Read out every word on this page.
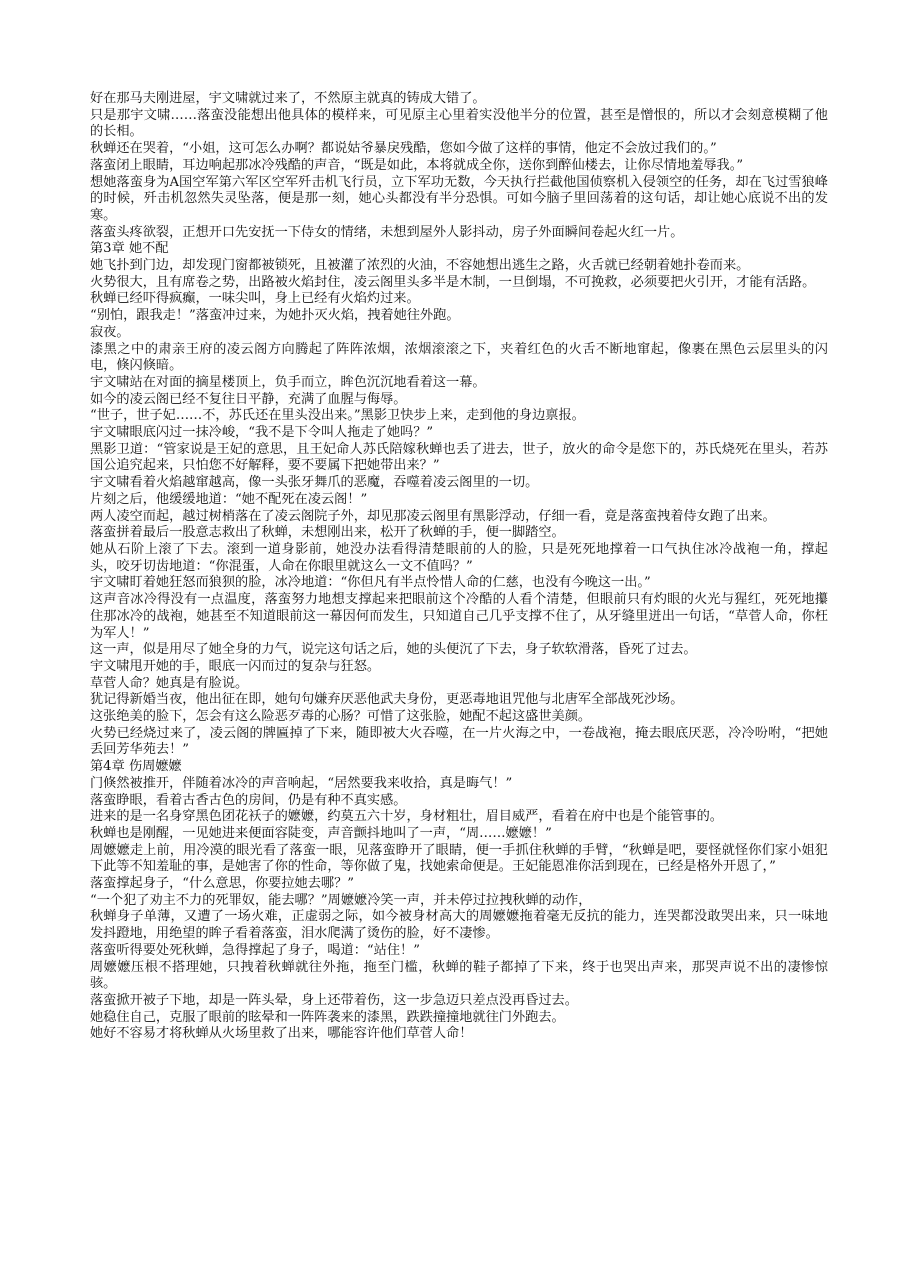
好在那马夫刚进屋，宇文啸就过来了，不然原主就真的铸成大错了。

只是那宇文啸……落蛮没能想出他具体的模样来，可见原主心里着实没他半分的位置，甚至是憎恨的，所以才会刻意模糊了他的长相。

秋蝉还在哭着，“小姐，这可怎么办啊？都说姑爷暴戾残酷，您如今做了这样的事情，他定不会放过我们的。”

落蛮闭上眼睛，耳边响起那冰冷残酷的声音，“既是如此，本将就成全你，送你到醉仙楼去，让你尽情地羞辱我。”

想她落蛮身为A国空军第六军区空军歼击机飞行员，立下军功无数，今天执行拦截他国侦察机入侵领空的任务，却在飞过雪狼峰的时候，歼击机忽然失灵坠落，便是那一刻，她心头都没有半分恐惧。可如今脑子里回荡着的这句话，却让她心底说不出的发寒。

落蛮头疼欲裂，正想开口先安抚一下侍女的情绪，未想到屋外人影抖动，房子外面瞬间卷起火红一片。

第3章 她不配

她飞扑到门边，却发现门窗都被锁死，且被灌了浓烈的火油，不容她想出逃生之路，火舌就已经朝着她扑卷而来。

火势很大，且有席卷之势，出路被火焰封住，凌云阁里头多半是木制，一旦倒塌，不可挽救，必须要把火引开，才能有活路。

秋蝉已经吓得疯癫，一味尖叫，身上已经有火焰灼过来。

“别怕，跟我走！”落蛮冲过来，为她扑灭火焰，拽着她往外跑。

寂夜。

漆黑之中的肃亲王府的凌云阁方向腾起了阵阵浓烟，浓烟滚滚之下，夹着红色的火舌不断地窜起，像裹在黑色云层里头的闪电，倏闪倏暗。

宇文啸站在对面的摘星楼顶上，负手而立，眸色沉沉地看着这一幕。

如今的凌云阁已经不复往日平静，充满了血腥与侮辱。

“世子，世子妃……不，苏氏还在里头没出来。”黑影卫快步上来，走到他的身边禀报。

宇文啸眼底闪过一抹冷峻，“我不是下令叫人拖走了她吗？”

黑影卫道：“管家说是王妃的意思，且王妃命人苏氏陪嫁秋蝉也丢了进去，世子，放火的命令是您下的，苏氏烧死在里头，若苏国公追究起来，只怕您不好解释，要不要属下把她带出来？”

宇文啸看着火焰越窜越高，像一头张牙舞爪的恶魔，吞噬着凌云阁里的一切。

片刻之后，他缓缓地道：“她不配死在凌云阁！”

两人凌空而起，越过树梢落在了凌云阁院子外，却见那凌云阁里有黑影浮动，仔细一看，竟是落蛮拽着侍女跑了出来。

落蛮拼着最后一股意志救出了秋蝉，未想刚出来，松开了秋蝉的手，便一脚踏空。

她从石阶上滚了下去。滚到一道身影前，她没办法看得清楚眼前的人的脸，只是死死地撑着一口气执住冰冷战袍一角，撑起头，咬牙切齿地道：“你混蛋，人命在你眼里就这么一文不值吗？”

宇文啸盯着她狂怒而狼狈的脸，冰冷地道：“你但凡有半点怜惜人命的仁慈，也没有今晚这一出。”

这声音冰冷得没有一点温度，落蛮努力地想支撑起来把眼前这个冷酷的人看个清楚，但眼前只有灼眼的火光与猩红，死死地攥住那冰冷的战袍，她甚至不知道眼前这一幕因何而发生，只知道自己几乎支撑不住了，从牙缝里迸出一句话，“草菅人命，你枉为军人！”

这一声，似是用尽了她全身的力气，说完这句话之后，她的头便沉了下去，身子软软滑落，昏死了过去。

宇文啸甩开她的手，眼底一闪而过的复杂与狂怒。

草菅人命？她真是有脸说。

犹记得新婚当夜，他出征在即，她句句嫌弃厌恶他武夫身份，更恶毒地诅咒他与北唐军全部战死沙场。

这张绝美的脸下，怎会有这么险恶歹毒的心肠？可惜了这张脸，她配不起这盛世美颜。

火势已经烧过来了，凌云阁的牌匾掉了下来，随即被大火吞噬，在一片火海之中，一卷战袍，掩去眼底厌恶，冷冷吩咐，“把她丢回芳华苑去！”

第4章 伤周嬷嬷

门倏然被推开，伴随着冰冷的声音响起，“居然要我来收拾，真是晦气！”

落蛮睁眼，看着古香古色的房间，仍是有种不真实感。

进来的是一名身穿黑色团花袄子的嬷嬷，约莫五六十岁，身材粗壮，眉目威严，看着在府中也是个能管事的。

秋蝉也是刚醒，一见她进来便面容陡变，声音颤抖地叫了一声，“周……嬷嬷！”

周嬷嬷走上前，用冷漠的眼光看了落蛮一眼，见落蛮睁开了眼睛，便一手抓住秋蝉的手臂，“秋蝉是吧，要怪就怪你们家小姐犯下此等不知羞耻的事，是她害了你的性命，等你做了鬼，找她索命便是。王妃能恩准你活到现在，已经是格外开恩了，”

落蛮撑起身子，“什么意思，你要拉她去哪？”

“一个犯了劝主不力的死罪奴，能去哪？”周嬷嬷冷笑一声，并未停过拉拽秋蝉的动作，

秋蝉身子单薄，又遭了一场火难，正虚弱之际，如今被身材高大的周嬷嬷拖着毫无反抗的能力，连哭都没敢哭出来，只一味地发抖蹬地，用绝望的眸子看着落蛮，泪水爬满了烫伤的脸，好不凄惨。

落蛮听得要处死秋蝉，急得撑起了身子，喝道：“站住！”

周嬷嬷压根不搭理她，只拽着秋蝉就往外拖，拖至门槛，秋蝉的鞋子都掉了下来，终于也哭出声来，那哭声说不出的凄惨惊骇。

落蛮掀开被子下地，却是一阵头晕，身上还带着伤，这一步急迈只差点没再昏过去。

她稳住自己，克服了眼前的眩晕和一阵阵袭来的漆黑，跌跌撞撞地就往门外跑去。

她好不容易才将秋蝉从火场里救了出来，哪能容许他们草菅人命！
